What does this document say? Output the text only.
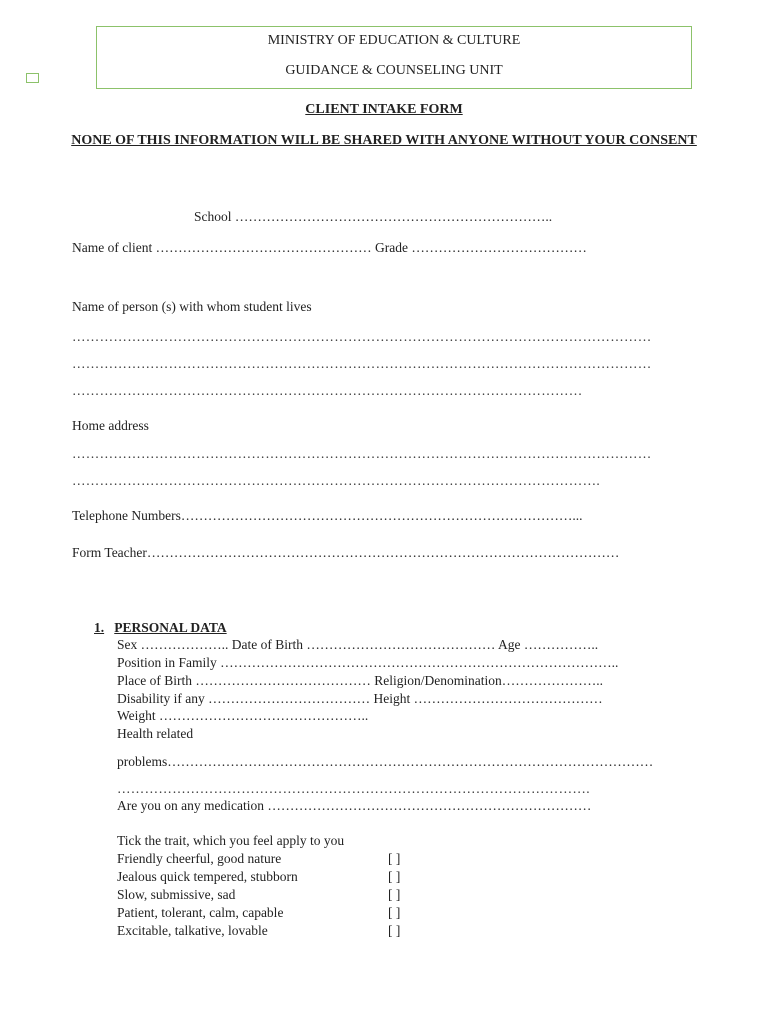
MINISTRY OF EDUCATION & CULTURE
GUIDANCE & COUNSELING UNIT
CLIENT INTAKE FORM
NONE OF THIS INFORMATION WILL BE SHARED WITH ANYONE WITHOUT YOUR CONSENT
School ……………………………………………………………..
Name of client ………………………………………… Grade …………………………………
Name of person (s) with whom student lives
………………………………………………………………………………………………………………
………………………………………………………………………………………………………………
…………………………………………………………………………………………………
Home address
………………………………………………………………………………………………………………
…………………………………………………………………………………………………….
Telephone Numbers……………………………………………………………………………...
Form Teacher……………………………………………………………………………………………
1. PERSONAL DATA
Sex ……………….. Date of Birth …………………………………… Age ……………..
Position in Family ……………………………………………………………………………..
Place of Birth ………………………………… Religion/Denomination…………………..
Disability if any ……………………………… Height ……………………………………
Weight ………………………………………..
Health related
problems………………………………………………………………………………………………
………………………………………………………………………………………….
Are you on any medication ………………………………………………………………
Tick the trait, which you feel apply to you
Friendly cheerful, good nature	[ ]
Jealous quick tempered, stubborn	[ ]
Slow, submissive, sad	[ ]
Patient, tolerant, calm, capable	[ ]
Excitable, talkative, lovable	[ ]
